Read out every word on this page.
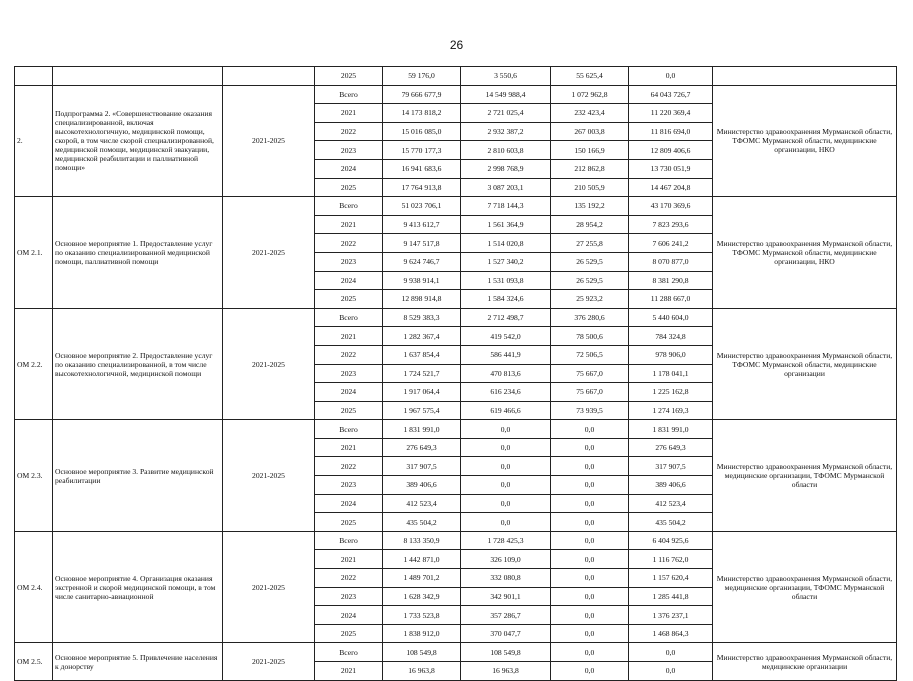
26
			2025	59 176,0	3 550,6	55 625,4	0,0	
2.	Подпрограмма 2. «Совершенствование оказания специализированной, включая высокотехнологичную, медицинской помощи, скорой, в том числе скорой специализированной, медицинской помощи, медицинской эвакуации, медицинской реабилитации и паллиативной помощи»	2021-2025	Всего	79 666 677,9	14 549 988,4	1 072 962,8	64 043 726,7	Министерство здравоохранения Мурманской области, ТФОМС Мурманской области, медицинские организации, НКО
			2021	14 173 818,2	2 721 025,4	232 423,4	11 220 369,4	
			2022	15 016 085,0	2 932 387,2	267 003,8	11 816 694,0	
			2023	15 770 177,3	2 810 603,8	150 166,9	12 809 406,6	
			2024	16 941 683,6	2 998 768,9	212 862,8	13 730 051,9	
			2025	17 764 913,8	3 087 203,1	210 505,9	14 467 204,8	
ОМ 2.1.	Основное мероприятие 1. Предоставление услуг по оказанию специализированной медицинской помощи, паллиативной помощи	2021-2025	Всего	51 023 706,1	7 718 144,3	135 192,2	43 170 369,6	Министерство здравоохранения Мурманской области, ТФОМС Мурманской области, медицинские организации, НКО
			2021	9 413 612,7	1 561 364,9	28 954,2	7 823 293,6	
			2022	9 147 517,8	1 514 020,8	27 255,8	7 606 241,2	
			2023	9 624 746,7	1 527 340,2	26 529,5	8 070 877,0	
			2024	9 938 914,1	1 531 093,8	26 529,5	8 381 290,8	
			2025	12 898 914,8	1 584 324,6	25 923,2	11 288 667,0	
ОМ 2.2.	Основное мероприятие 2. Предоставление услуг по оказанию специализированной, в том числе высокотехнологичной, медицинской помощи	2021-2025	Всего	8 529 383,3	2 712 498,7	376 280,6	5 440 604,0	Министерство здравоохранения Мурманской области, ТФОМС Мурманской области, медицинские организации
			2021	1 282 367,4	419 542,0	78 500,6	784 324,8	
			2022	1 637 854,4	586 441,9	72 506,5	978 906,0	
			2023	1 724 521,7	470 813,6	75 667,0	1 178 041,1	
			2024	1 917 064,4	616 234,6	75 667,0	1 225 162,8	
			2025	1 967 575,4	619 466,6	73 939,5	1 274 169,3	
ОМ 2.3.	Основное мероприятие 3. Развитие медицинской реабилитации	2021-2025	Всего	1 831 991,0	0,0	0,0	1 831 991,0	Министерство здравоохранения Мурманской области, медицинские организации, ТФОМС Мурманской области
			2021	276 649,3	0,0	0,0	276 649,3	
			2022	317 907,5	0,0	0,0	317 907,5	
			2023	389 406,6	0,0	0,0	389 406,6	
			2024	412 523,4	0,0	0,0	412 523,4	
			2025	435 504,2	0,0	0,0	435 504,2	
ОМ 2.4.	Основное мероприятие 4. Организация оказания экстренной и скорой медицинской помощи, в том числе санитарно-авиационной	2021-2025	Всего	8 133 350,9	1 728 425,3	0,0	6 404 925,6	Министерство здравоохранения Мурманской области, медицинские организации, ТФОМС Мурманской области
			2021	1 442 871,0	326 109,0	0,0	1 116 762,0	
			2022	1 489 701,2	332 080,8	0,0	1 157 620,4	
			2023	1 628 342,9	342 901,1	0,0	1 285 441,8	
			2024	1 733 523,8	357 286,7	0,0	1 376 237,1	
			2025	1 838 912,0	370 047,7	0,0	1 468 864,3	
ОМ 2.5.	Основное мероприятие 5. Привлечение населения к донорству	2021-2025	Всего	108 549,8	108 549,8	0,0	0,0	Министерство здравоохранения Мурманской области, медицинские организации
			2021	16 963,8	16 963,8	0,0	0,0	
